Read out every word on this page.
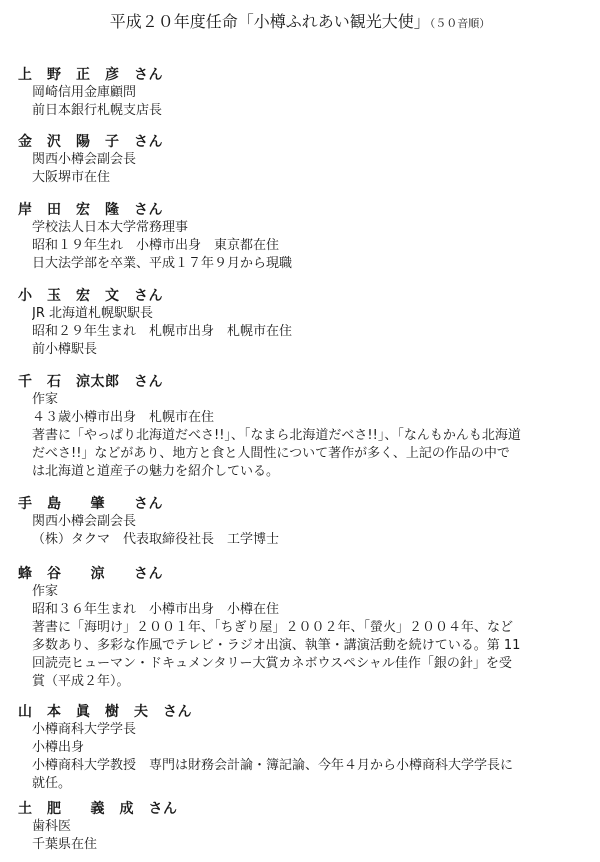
平成２０年度任命「小樽ふれあい観光大使」（５０音順）
上　野　正　彦　さん
岡崎信用金庫顧問
前日本銀行札幌支店長
金　沢　陽　子　さん
関西小樽会副会長
大阪堺市在住
岸　田　宏　隆　さん
学校法人日本大学常務理事
昭和１９年生れ　小樽市出身　東京都在住
日大法学部を卒業、平成１７年９月から現職
小　玉　宏　文　さん
JR 北海道札幌駅駅長
昭和２９年生まれ　札幌市出身　札幌市在住
前小樽駅長
千　石　涼太郎　さん
作家
４３歳小樽市出身　札幌市在住
著書に「やっぱり北海道だべさ!!」、「なまら北海道だべさ!!」、「なんもかんも北海道
だべさ!!」などがあり、地方と食と人間性について著作が多く、上記の作品の中で
は北海道と道産子の魅力を紹介している。
手　島　　肇　　さん
関西小樽会副会長
（株）タクマ　代表取締役社長　工学博士
蜂　谷　　涼　　さん
作家
昭和３６年生まれ　小樽市出身　小樽在住
著書に「海明け」２００１年、「ちぎり屋」２００２年、「螢火」２００４年、など
多数あり、多彩な作風でテレビ・ラジオ出演、執筆・講演活動を続けている。第 11
回読売ヒューマン・ドキュメンタリー大賞カネボウスペシャル佳作「銀の針」を受
賞（平成２年）。
山　本　眞　樹　夫　さん
小樽商科大学学長
小樽出身
小樽商科大学教授　専門は財務会計論・簿記論、今年４月から小樽商科大学学長に
就任。
土　肥　　義　成　さん
歯科医
千葉県在住
